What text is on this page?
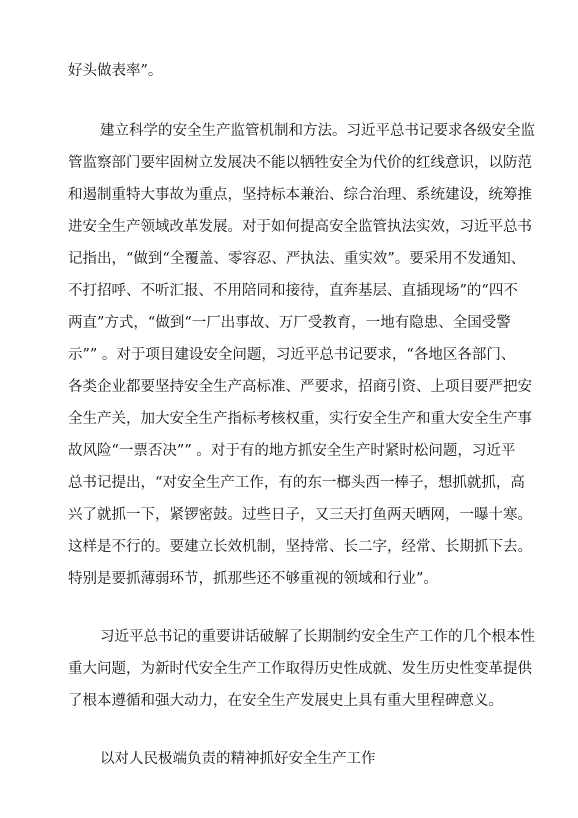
好头做表率”。
建立科学的安全生产监管机制和方法。习近平总书记要求各级安全监
管监察部门要牢固树立发展决不能以牺牲安全为代价的红线意识，以防范
和遏制重特大事故为重点，坚持标本兼治、综合治理、系统建设，统筹推
进安全生产领域改革发展。对于如何提高安全监管执法实效，习近平总书
记指出，“做到“全覆盖、零容忍、严执法、重实效”。要采用不发通知、
不打招呼、不听汇报、不用陪同和接待，直奔基层、直插现场”的“四不
两直”方式，“做到“一厂出事故、万厂受教育，一地有隐患、全国受警
示”” 。对于项目建设安全问题，习近平总书记要求，“各地区各部门、
各类企业都要坚持安全生产高标准、严要求，招商引资、上项目要严把安
全生产关，加大安全生产指标考核权重，实行安全生产和重大安全生产事
故风险“一票否决”” 。对于有的地方抓安全生产时紧时松问题，习近平
总书记提出，“对安全生产工作，有的东一榔头西一棒子，想抓就抓，高
兴了就抓一下，紧锣密鼓。过些日子，又三天打鱼两天晒网，一曝十寒。
这样是不行的。要建立长效机制，坚持常、长二字，经常、长期抓下去。
特别是要抓薄弱环节，抓那些还不够重视的领域和行业”。
习近平总书记的重要讲话破解了长期制约安全生产工作的几个根本性
重大问题，为新时代安全生产工作取得历史性成就、发生历史性变革提供
了根本遵循和强大动力，在安全生产发展史上具有重大里程碑意义。
以对人民极端负责的精神抓好安全生产工作
